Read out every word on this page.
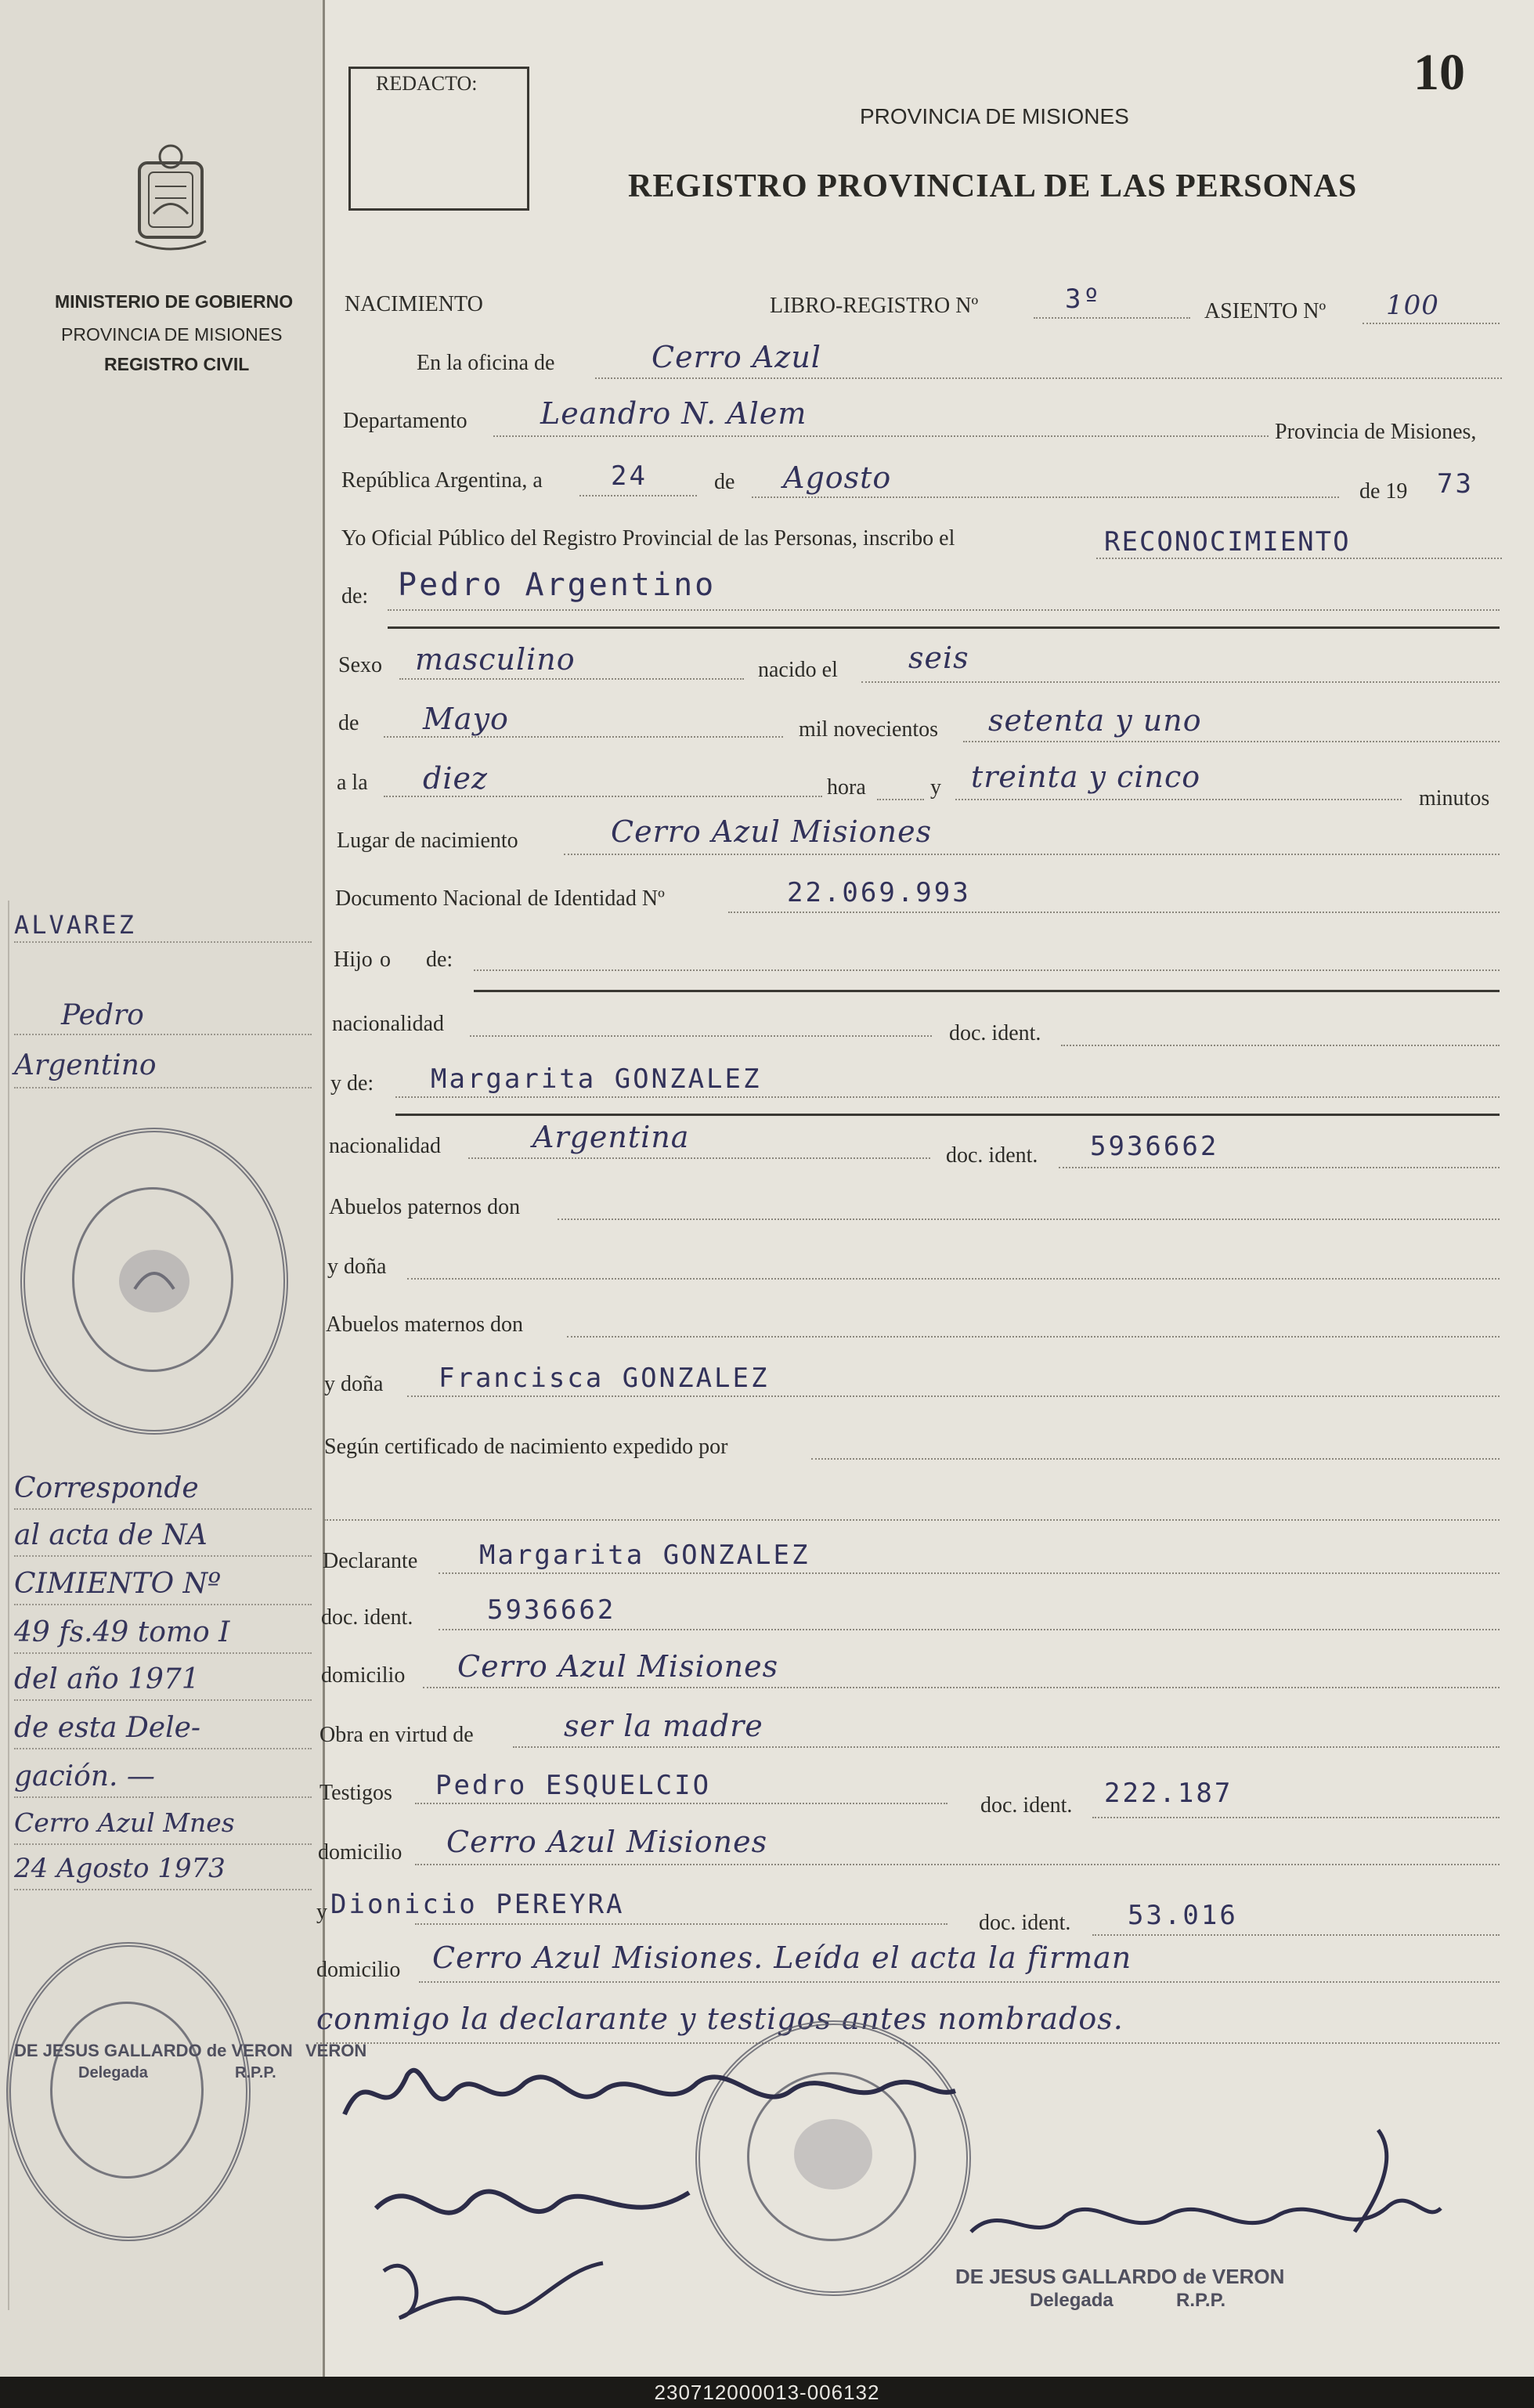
MINISTERIO DE GOBIERNO
PROVINCIA DE MISIONES
REGISTRO CIVIL
REDACTO:	10
PROVINCIA DE MISIONES
REGISTRO PROVINCIAL DE LAS PERSONAS
NACIMIENTO	LIBRO-REGISTRO Nº	3º	ASIENTO Nº 100
En la oficina de	Cerro Azul
Departamento Leandro N. Alem
Provincia de Misiones,
República Argentina, a	24	de Agosto	de 19 73
Yo Oficial Público del Registro Provincial de las Personas, inscribo el	RECONOCIMIENTO
de: Pedro Argentino
Sexo masculino	nacido el seis
de Mayo	mil novecientos setenta y uno
a la diez	hora	y treinta y cinco
minutos
Lugar de nacimiento	Cerro Azul Misiones
Documento Nacional de Identidad Nº	22.069.993
Hijo o de:
nacionalidad	doc. ident.
y de: Margarita GONZALEZ
nacionalidad	Argentina
doc. ident. 5936662
Abuelos paternos don
y doña
Abuelos maternos don
y doña Francisca GONZALEZ
Según certificado de nacimiento expedido por
Declarante Margarita GONZALEZ
doc. ident.	5936662
domicilio Cerro Azul Misiones
Obra en virtud de	ser la madre
Testigos Pedro ESQUELCIO
doc. ident. 222.187
domicilio Cerro Azul Misiones
y Dionicio PEREYRA
doc. ident. 53.016
domicilio Cerro Azul Misiones. Leída el acta la firman
conmigo la declarante y testigos antes nombrados.
ALVAREZ
Pedro
Argentino
Corresponde
al acta de NA
CIMIENTO Nº
49 fs.49 tomo I
del año 1971
de esta Dele-
gación. —
Cerro Azul Mnes
24 Agosto 1973
DE JESUS GALLARDO de VERON
Delegada	R.P.P.
VERON
DE JESUS GALLARDO de VERON
Delegada	R.P.P.
230712000013-006132
